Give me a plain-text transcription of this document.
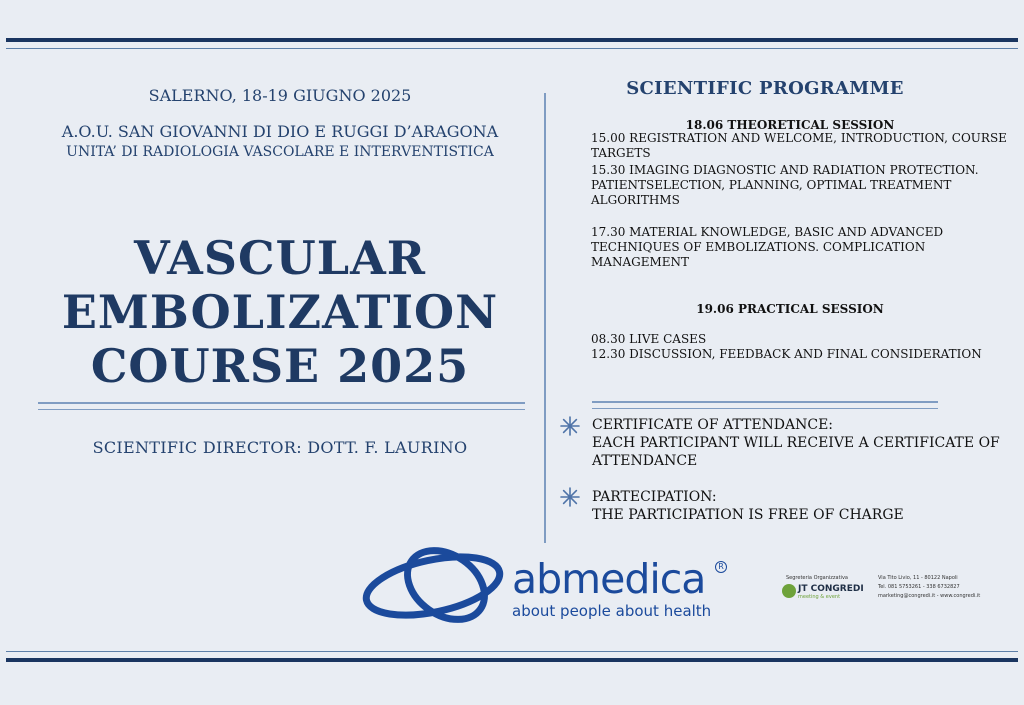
SALERNO, 18-19 GIUGNO 2025
A.O.U. SAN GIOVANNI DI DIO E RUGGI D’ARAGONA
UNITA’ DI RADIOLOGIA VASCOLARE E INTERVENTISTICA
VASCULAR
EMBOLIZATION
COURSE 2025
SCIENTIFIC DIRECTOR: DOTT. F. LAURINO
SCIENTIFIC PROGRAMME
18.06 THEORETICAL SESSION
15.00 REGISTRATION AND WELCOME, INTRODUCTION, COURSE TARGETS
15.30 IMAGING DIAGNOSTIC AND RADIATION PROTECTION. PATIENTSELECTION, PLANNING, OPTIMAL TREATMENT ALGORITHMS
17.30 MATERIAL KNOWLEDGE, BASIC AND ADVANCED TECHNIQUES OF EMBOLIZATIONS. COMPLICATION MANAGEMENT
19.06 PRACTICAL SESSION
08.30 LIVE CASES
12.30 DISCUSSION, FEEDBACK AND FINAL CONSIDERATION
CERTIFICATE OF ATTENDANCE:
EACH PARTICIPANT WILL RECEIVE A CERTIFICATE OF ATTENDANCE
PARTECIPATION:
THE PARTICIPATION IS FREE OF CHARGE
abmedica	R
about people about health
Segreteria Organizzativa
JT CONGREDI
meeting & event
Via Tito Livio, 11 - 80122 Napoli
Tel. 081 5753261 - 338 6732827
marketing@congredi.it - www.congredi.it
